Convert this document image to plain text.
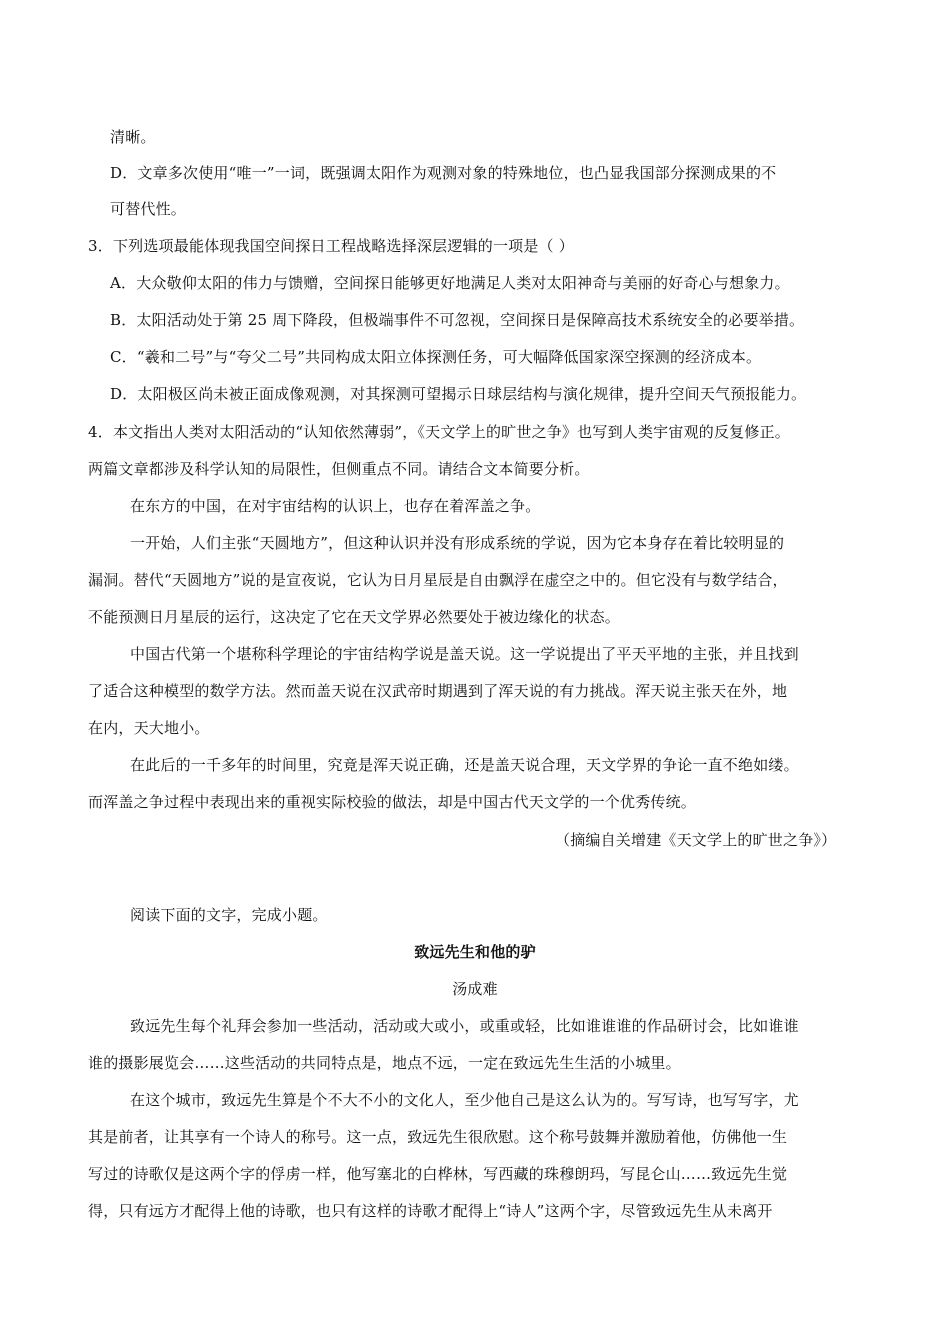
清晰。
D．文章多次使用“唯一”一词，既强调太阳作为观测对象的特殊地位，也凸显我国部分探测成果的不
可替代性。
3．下列选项最能体现我国空间探日工程战略选择深层逻辑的一项是（ ）
A．大众敬仰太阳的伟力与馈赠，空间探日能够更好地满足人类对太阳神奇与美丽的好奇心与想象力。
B．太阳活动处于第 25 周下降段，但极端事件不可忽视，空间探日是保障高技术系统安全的必要举措。
C．“羲和二号”与“夸父二号”共同构成太阳立体探测任务，可大幅降低国家深空探测的经济成本。
D．太阳极区尚未被正面成像观测，对其探测可望揭示日球层结构与演化规律，提升空间天气预报能力。
4．本文指出人类对太阳活动的“认知依然薄弱”，《天文学上的旷世之争》也写到人类宇宙观的反复修正。
两篇文章都涉及科学认知的局限性，但侧重点不同。请结合文本简要分析。
在东方的中国，在对宇宙结构的认识上，也存在着浑盖之争。
一开始，人们主张“天圆地方”，但这种认识并没有形成系统的学说，因为它本身存在着比较明显的
漏洞。替代“天圆地方”说的是宣夜说，它认为日月星辰是自由飘浮在虚空之中的。但它没有与数学结合，
不能预测日月星辰的运行，这决定了它在天文学界必然要处于被边缘化的状态。
中国古代第一个堪称科学理论的宇宙结构学说是盖天说。这一学说提出了平天平地的主张，并且找到
了适合这种模型的数学方法。然而盖天说在汉武帝时期遇到了浑天说的有力挑战。浑天说主张天在外，地
在内，天大地小。
在此后的一千多年的时间里，究竟是浑天说正确，还是盖天说合理，天文学界的争论一直不绝如缕。
而浑盖之争过程中表现出来的重视实际校验的做法，却是中国古代天文学的一个优秀传统。
（摘编自关增建《天文学上的旷世之争》）
阅读下面的文字，完成小题。
致远先生和他的驴
汤成难
致远先生每个礼拜会参加一些活动，活动或大或小，或重或轻，比如谁谁谁的作品研讨会，比如谁谁
谁的摄影展览会……这些活动的共同特点是，地点不远，一定在致远先生生活的小城里。
在这个城市，致远先生算是个不大不小的文化人，至少他自己是这么认为的。写写诗，也写写字，尤
其是前者，让其享有一个诗人的称号。这一点，致远先生很欣慰。这个称号鼓舞并激励着他，仿佛他一生
写过的诗歌仅是这两个字的俘虏一样，他写塞北的白桦林，写西藏的珠穆朗玛，写昆仑山……致远先生觉
得，只有远方才配得上他的诗歌，也只有这样的诗歌才配得上“诗人”这两个字，尽管致远先生从未离开
